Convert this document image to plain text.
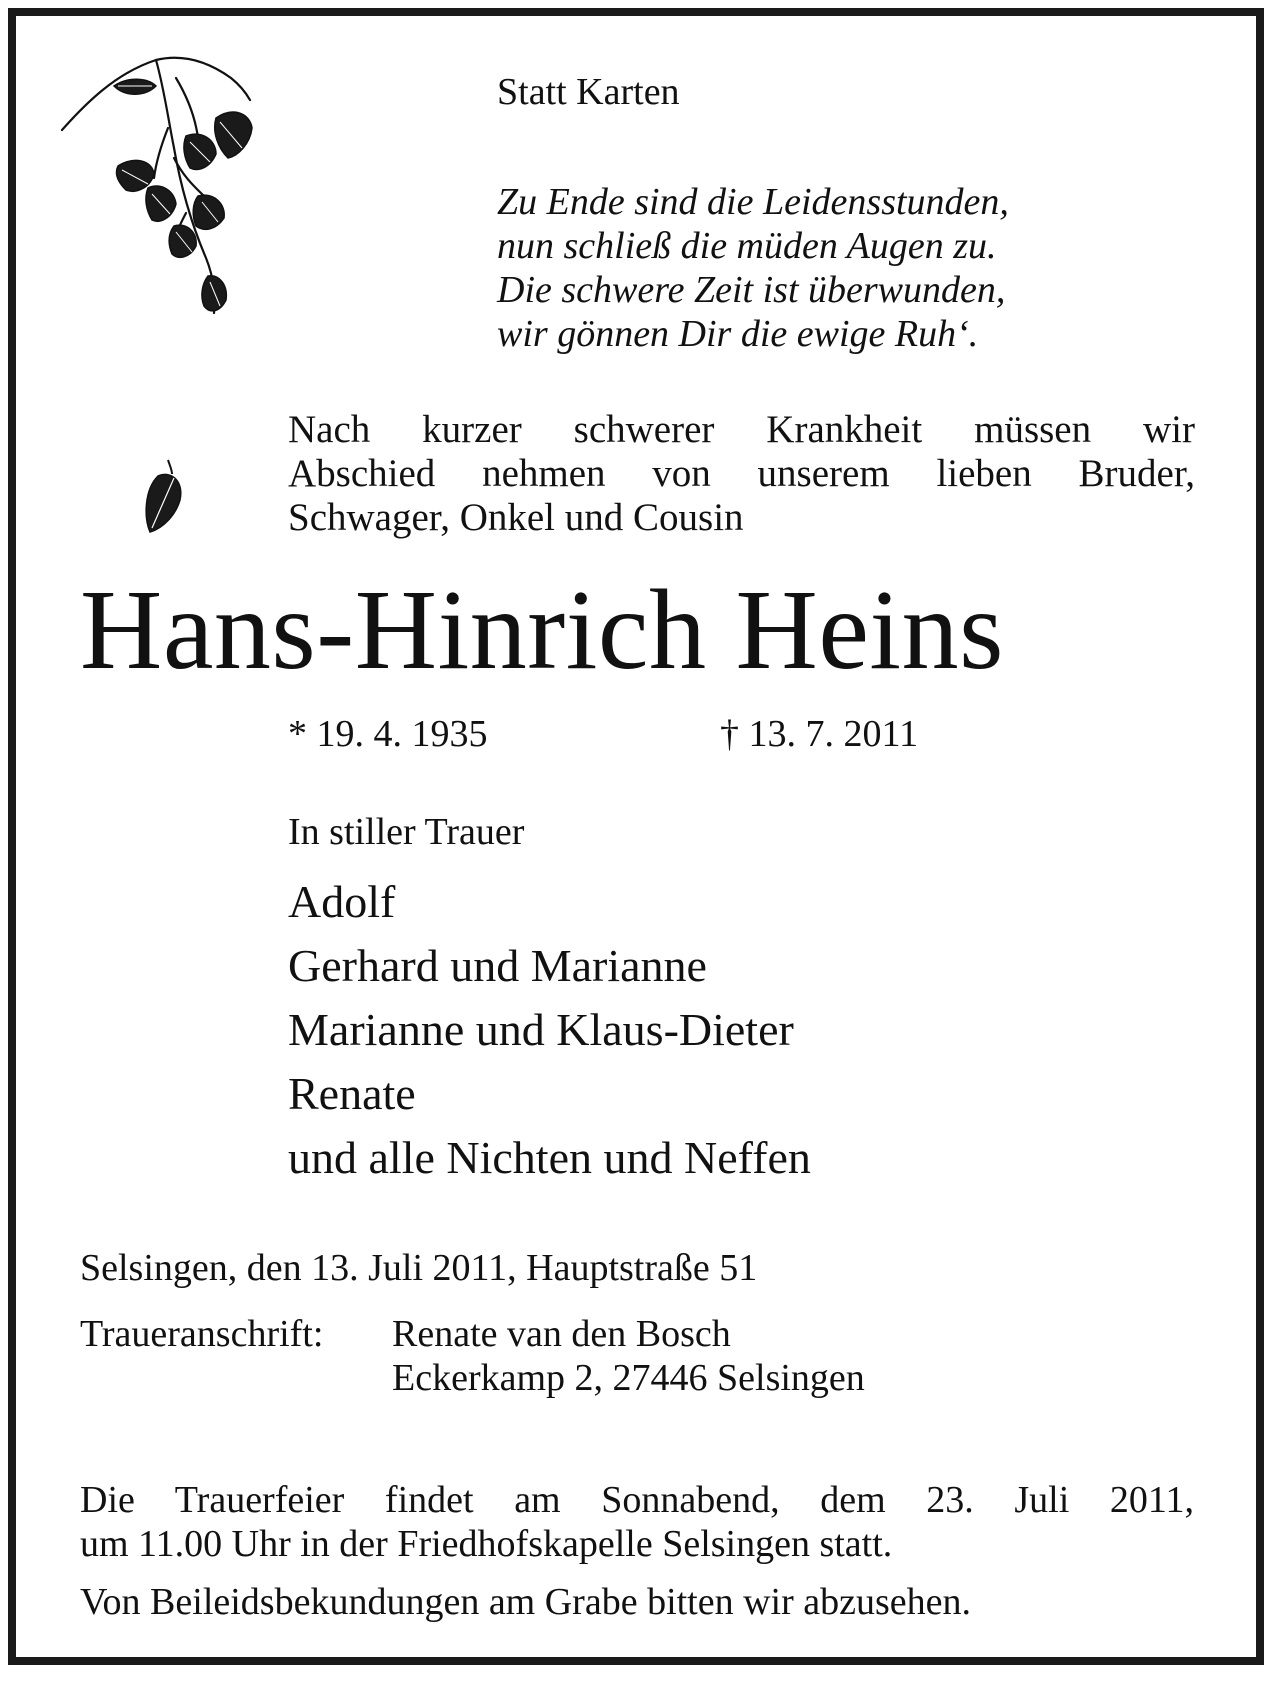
Statt Karten
Zu Ende sind die Leidensstunden,
nun schließ die müden Augen zu.
Die schwere Zeit ist überwunden,
wir gönnen Dir die ewige Ruh‘.
Nach kurzer schwerer Krankheit müssen wir
Abschied nehmen von unserem lieben Bruder,
Schwager, Onkel und Cousin
Hans-Hinrich Heins
* 19. 4. 1935	† 13. 7. 2011
In stiller Trauer
Adolf
Gerhard und Marianne
Marianne und Klaus-Dieter
Renate
und alle Nichten und Neffen
Selsingen, den 13. Juli 2011, Hauptstraße 51
Traueranschrift: Renate van den Bosch
Eckerkamp 2, 27446 Selsingen
Die Trauerfeier findet am Sonnabend, dem 23. Juli 2011,
um 11.00 Uhr in der Friedhofskapelle Selsingen statt.
Von Beileidsbekundungen am Grabe bitten wir abzusehen.
